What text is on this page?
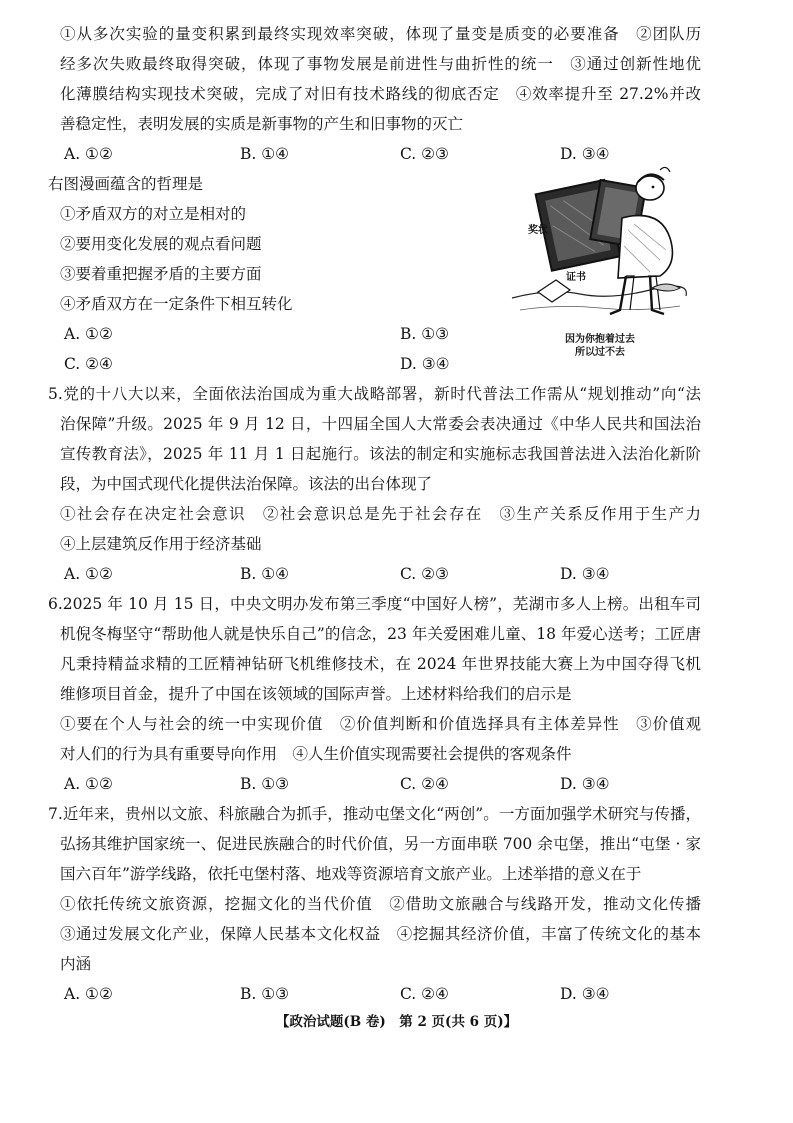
①从多次实验的量变积累到最终实现效率突破，体现了量变是质变的必要准备　②团队历
经多次失败最终取得突破，体现了事物发展是前进性与曲折性的统一　③通过创新性地优
化薄膜结构实现技术突破，完成了对旧有技术路线的彻底否定　④效率提升至 27.2%并改
善稳定性，表明发展的实质是新事物的产生和旧事物的灭亡
A. ①②	B. ①④	C. ②③	D. ③④
右图漫画蕴含的哲理是
①矛盾双方的对立是相对的
②要用变化发展的观点看问题
③要着重把握矛盾的主要方面
④矛盾双方在一定条件下相互转化
A. ①②	B. ①③
C. ②④	D. ③④
奖状
证书
因为你抱着过去
所以过不去
5.党的十八大以来，全面依法治国成为重大战略部署，新时代普法工作需从“规划推动”向“法
治保障”升级。2025 年 9 月 12 日，十四届全国人大常委会表决通过《中华人民共和国法治
宣传教育法》，2025 年 11 月 1 日起施行。该法的制定和实施标志我国普法进入法治化新阶
段，为中国式现代化提供法治保障。该法的出台体现了
①社会存在决定社会意识　②社会意识总是先于社会存在　③生产关系反作用于生产力
④上层建筑反作用于经济基础
A. ①②	B. ①④	C. ②③	D. ③④
6.2025 年 10 月 15 日，中央文明办发布第三季度“中国好人榜”，芜湖市多人上榜。出租车司
机倪冬梅坚守“帮助他人就是快乐自己”的信念，23 年关爱困难儿童、18 年爱心送考；工匠唐
凡秉持精益求精的工匠精神钻研飞机维修技术，在 2024 年世界技能大赛上为中国夺得飞机
维修项目首金，提升了中国在该领域的国际声誉。上述材料给我们的启示是
①要在个人与社会的统一中实现价值　②价值判断和价值选择具有主体差异性　③价值观
对人们的行为具有重要导向作用　④人生价值实现需要社会提供的客观条件
A. ①②	B. ①③	C. ②④	D. ③④
7.近年来，贵州以文旅、科旅融合为抓手，推动屯堡文化“两创”。一方面加强学术研究与传播，
弘扬其维护国家统一、促进民族融合的时代价值，另一方面串联 700 余屯堡，推出“屯堡 · 家
国六百年”游学线路，依托屯堡村落、地戏等资源培育文旅产业。上述举措的意义在于
①依托传统文旅资源，挖掘文化的当代价值　②借助文旅融合与线路开发，推动文化传播
③通过发展文化产业，保障人民基本文化权益　④挖掘其经济价值，丰富了传统文化的基本
内涵
A. ①②	B. ①③	C. ②④	D. ③④
【政治试题(B 卷)　第 2 页(共 6 页)】
